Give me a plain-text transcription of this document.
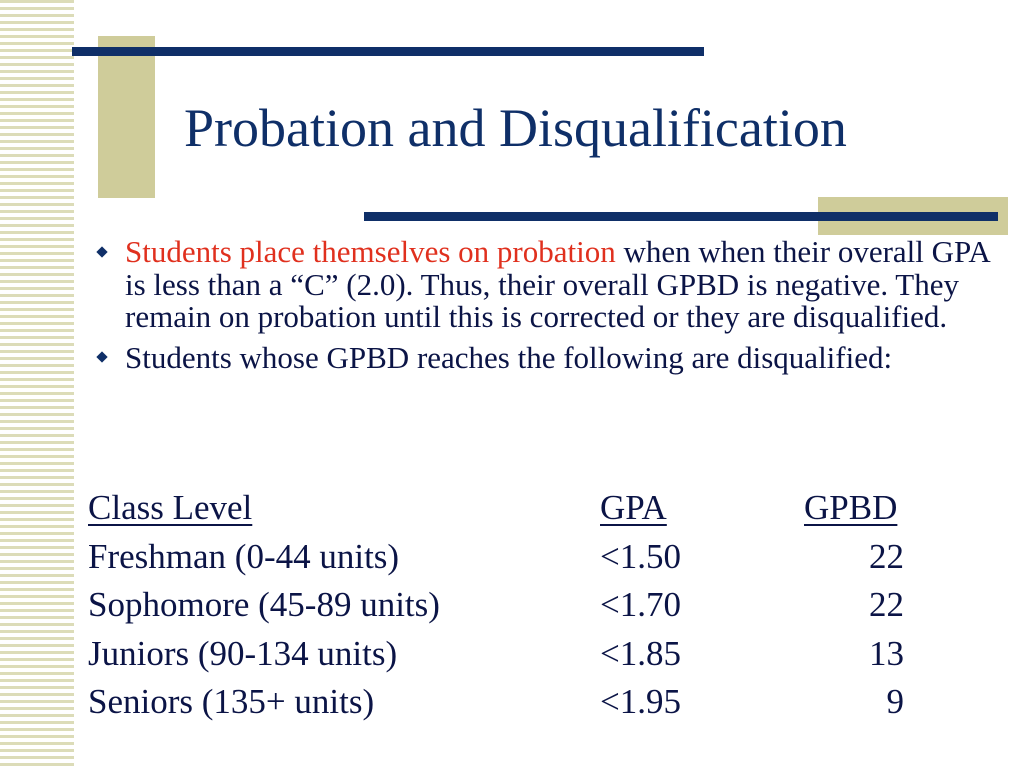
Probation and Disqualification
Students place themselves on probation when when their overall GPA is less than a “C” (2.0). Thus, their overall GPBD is negative. They remain on probation until this is corrected or they are disqualified.
Students whose GPBD reaches the following are disqualified:
Class Level	GPA	GPBD
Freshman (0-44 units)	<1.50	22
Sophomore (45-89 units)	<1.70	22
Juniors (90-134 units)	<1.85	13
Seniors (135+ units)	<1.95	9
